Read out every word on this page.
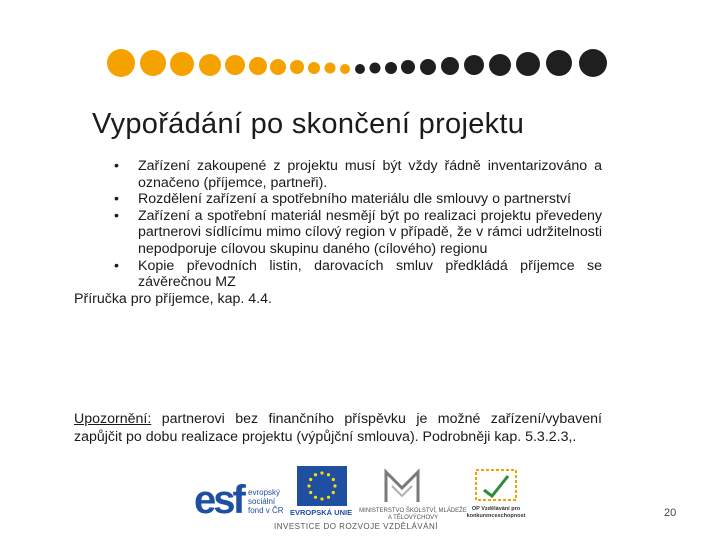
Vypořádání po skončení projektu
• Zařízení zakoupené z projektu musí být vždy řádně inventarizováno a označeno (příjemce, partneři).
• Rozdělení zařízení a spotřebního materiálu dle smlouvy o partnerství
• Zařízení a spotřební materiál nesmějí být po realizaci projektu převedeny partnerovi sídlícímu mimo cílový region v případě, že v rámci udržitelnosti nepodporuje cílovou skupinu daného (cílového) regionu
• Kopie převodních listin, darovacích smluv předkládá příjemce se závěrečnou MZ
Příručka pro příjemce, kap. 4.4.
Upozornění: partnerovi bez finančního příspěvku je možné zařízení/vybavení zapůjčit po dobu realizace projektu (výpůjční smlouva). Podrobněji kap. 5.3.2.3,.
esf evropský sociální fond v ČR EVROPSKÁ UNIE MINISTERSTVO ŠKOLSTVÍ, MLÁDEŽE A TĚLOVÝCHOVY
OP Vzdělávání pro konkurenceschopnost
INVESTICE DO ROZVOJE VZDĚLÁVÁNÍ
20
